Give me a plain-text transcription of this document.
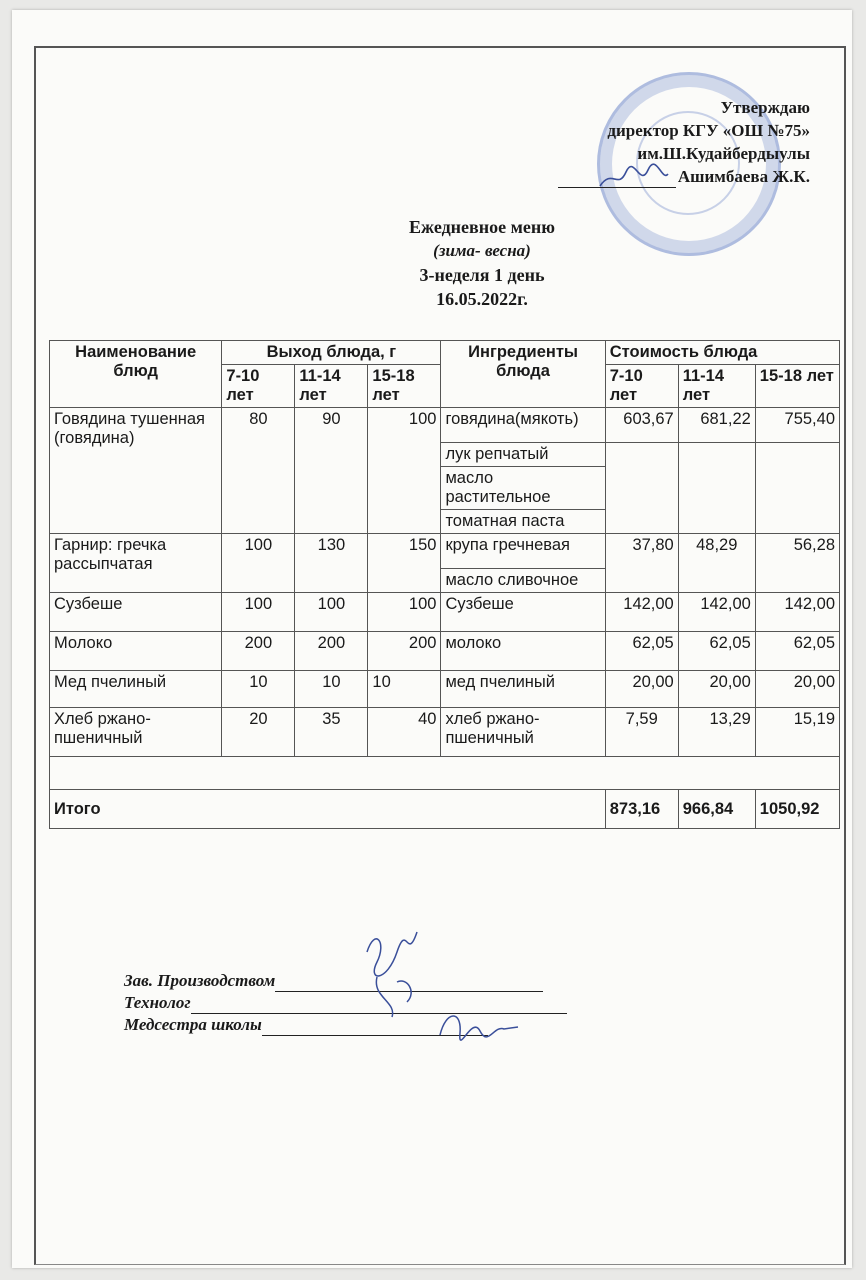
Утверждаю
директор КГУ «ОШ №75»
им.Ш.Кудайбердыулы
Ашимбаева Ж.К.
Ежедневное меню
(зима- весна)
3-неделя 1 день
16.05.2022г.
Наименование блюд	Выход блюда, г			Ингредиенты блюда	Стоимость блюда		
	7-10 лет	11-14 лет	15-18 лет		7-10 лет	11-14 лет	15-18 лет
Говядина тушенная (говядина)	80	90	100	говядина(мякоть)	603,67	681,22	755,40
				лук репчатый			
				масло растительное			
				томатная паста			
Гарнир: гречка рассыпчатая	100	130	150	крупа гречневая	37,80	48,29	56,28
				масло сливочное			
Сузбеше	100	100	100	Сузбеше	142,00	142,00	142,00
Молоко	200	200	200	молоко	62,05	62,05	62,05
Мед пчелиный	10	10	10	мед пчелиный	20,00	20,00	20,00
Хлеб ржано-пшеничный	20	35	40	хлеб ржано-пшеничный	7,59	13,29	15,19

Итого					873,16	966,84	1050,92
Зав. Производством
Технолог
Медсестра школы
